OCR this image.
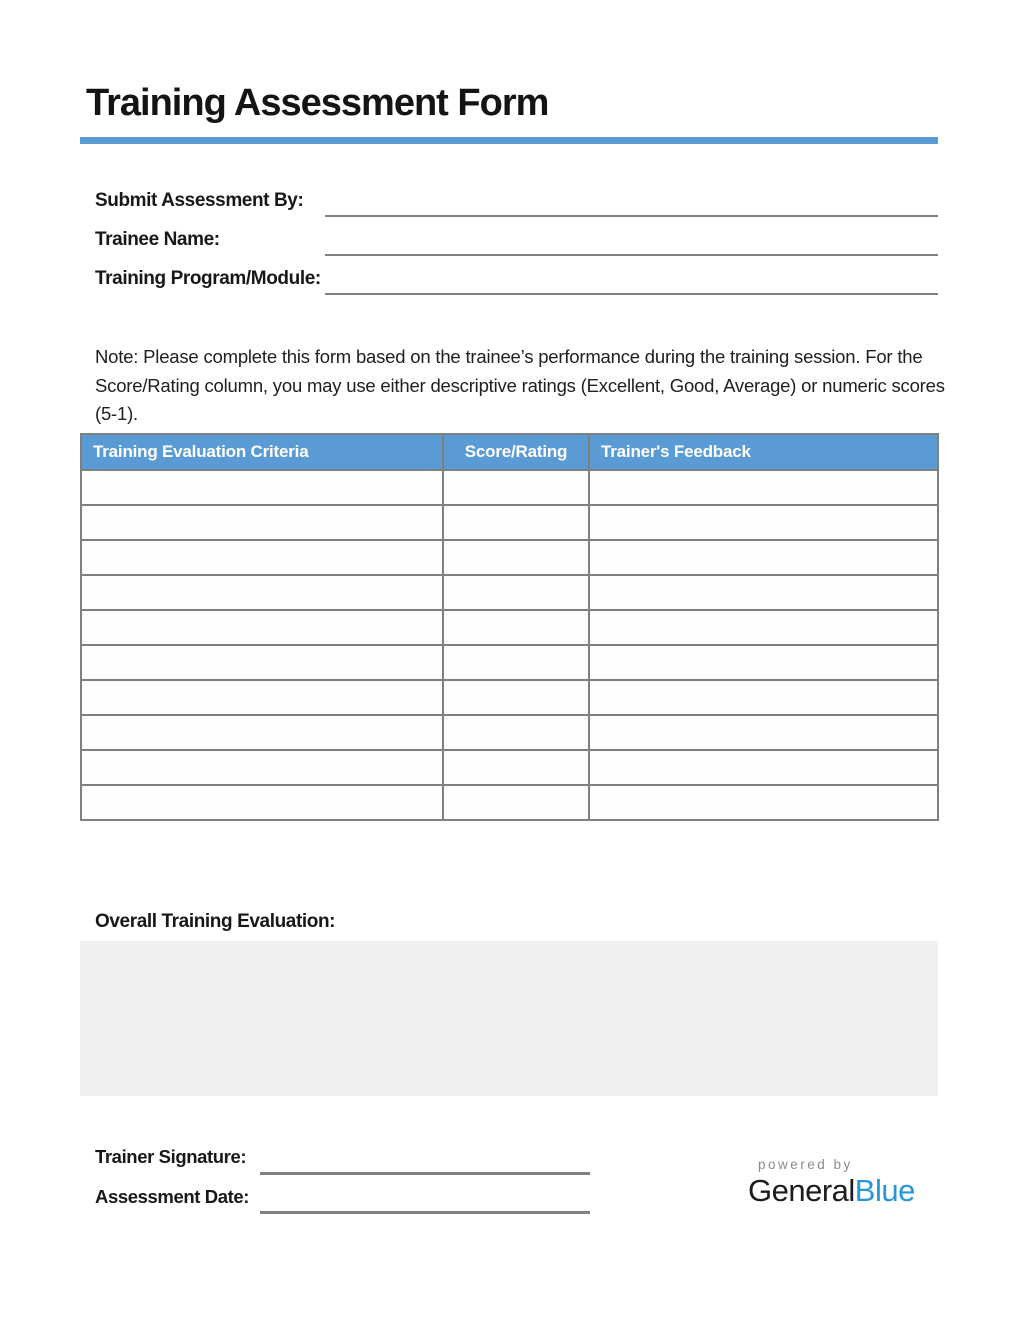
Training Assessment Form
Submit Assessment By:
Trainee Name:
Training Program/Module:

Note: Please complete this form based on the trainee’s performance during the training session. For the Score/Rating column, you may use either descriptive ratings (Excellent, Good, Average) or numeric scores (5-1).

Training Evaluation Criteria	Score/Rating	Trainer's Feedback

Overall Training Evaluation:
Trainer Signature:
Assessment Date:
powered by
GeneralBlue
